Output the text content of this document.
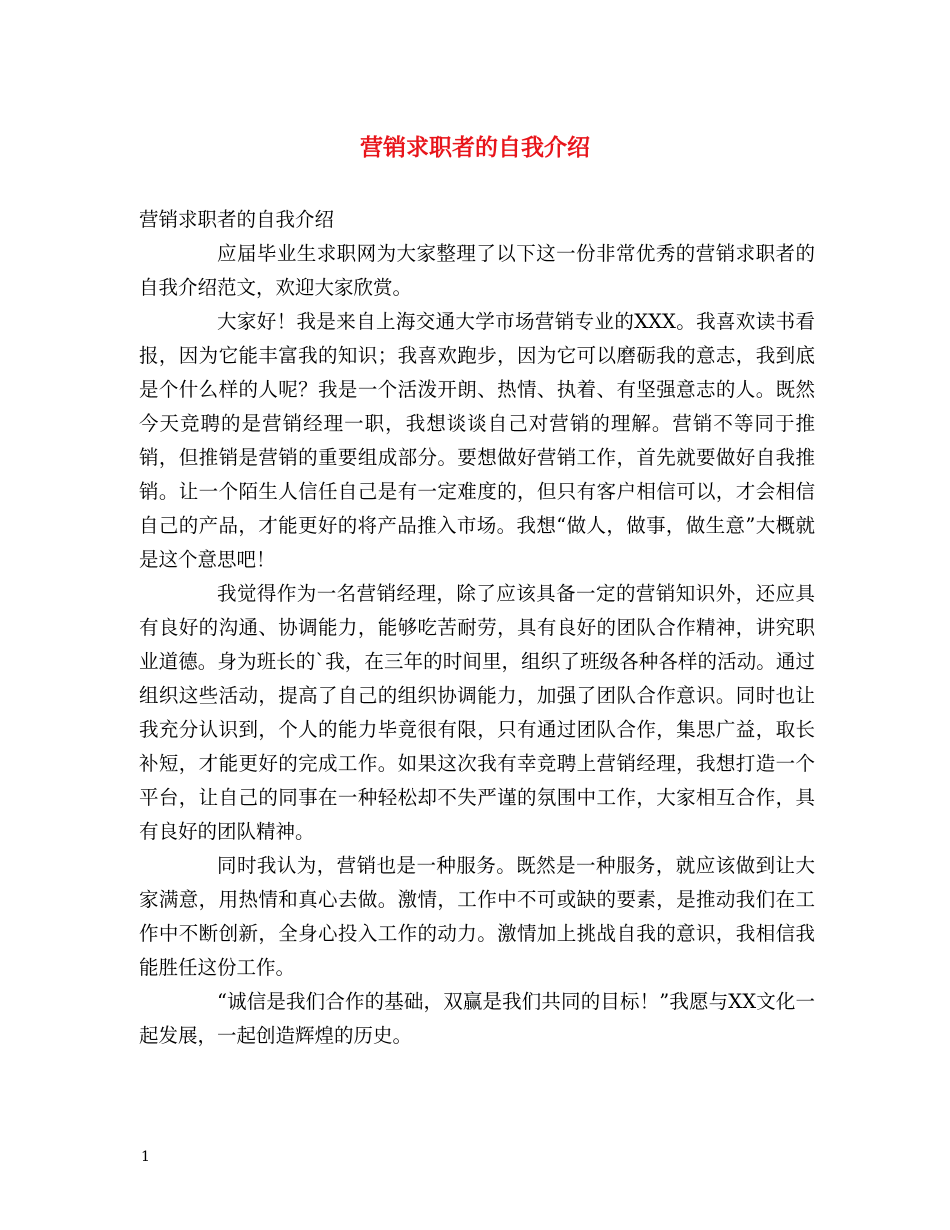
营销求职者的自我介绍

营销求职者的自我介绍

应届毕业生求职网为大家整理了以下这一份非常优秀的营销求职者的自我介绍范文，欢迎大家欣赏。

大家好！我是来自上海交通大学市场营销专业的XXX。我喜欢读书看报，因为它能丰富我的知识；我喜欢跑步，因为它可以磨砺我的意志，我到底是个什么样的人呢？我是一个活泼开朗、热情、执着、有坚强意志的人。既然今天竞聘的是营销经理一职，我想谈谈自己对营销的理解。营销不等同于推销，但推销是营销的重要组成部分。要想做好营销工作，首先就要做好自我推销。让一个陌生人信任自己是有一定难度的，但只有客户相信可以，才会相信自己的产品，才能更好的将产品推入市场。我想“做人，做事，做生意”大概就是这个意思吧！

我觉得作为一名营销经理，除了应该具备一定的营销知识外，还应具有良好的沟通、协调能力，能够吃苦耐劳，具有良好的团队合作精神，讲究职业道德。身为班长的`我，在三年的时间里，组织了班级各种各样的活动。通过组织这些活动，提高了自己的组织协调能力，加强了团队合作意识。同时也让我充分认识到，个人的能力毕竟很有限，只有通过团队合作，集思广益，取长补短，才能更好的完成工作。如果这次我有幸竞聘上营销经理，我想打造一个平台，让自己的同事在一种轻松却不失严谨的氛围中工作，大家相互合作，具有良好的团队精神。

同时我认为，营销也是一种服务。既然是一种服务，就应该做到让大家满意，用热情和真心去做。激情，工作中不可或缺的要素，是推动我们在工作中不断创新，全身心投入工作的动力。激情加上挑战自我的意识，我相信我能胜任这份工作。

“诚信是我们合作的基础，双赢是我们共同的目标！”我愿与XX文化一起发展，一起创造辉煌的历史。

1
